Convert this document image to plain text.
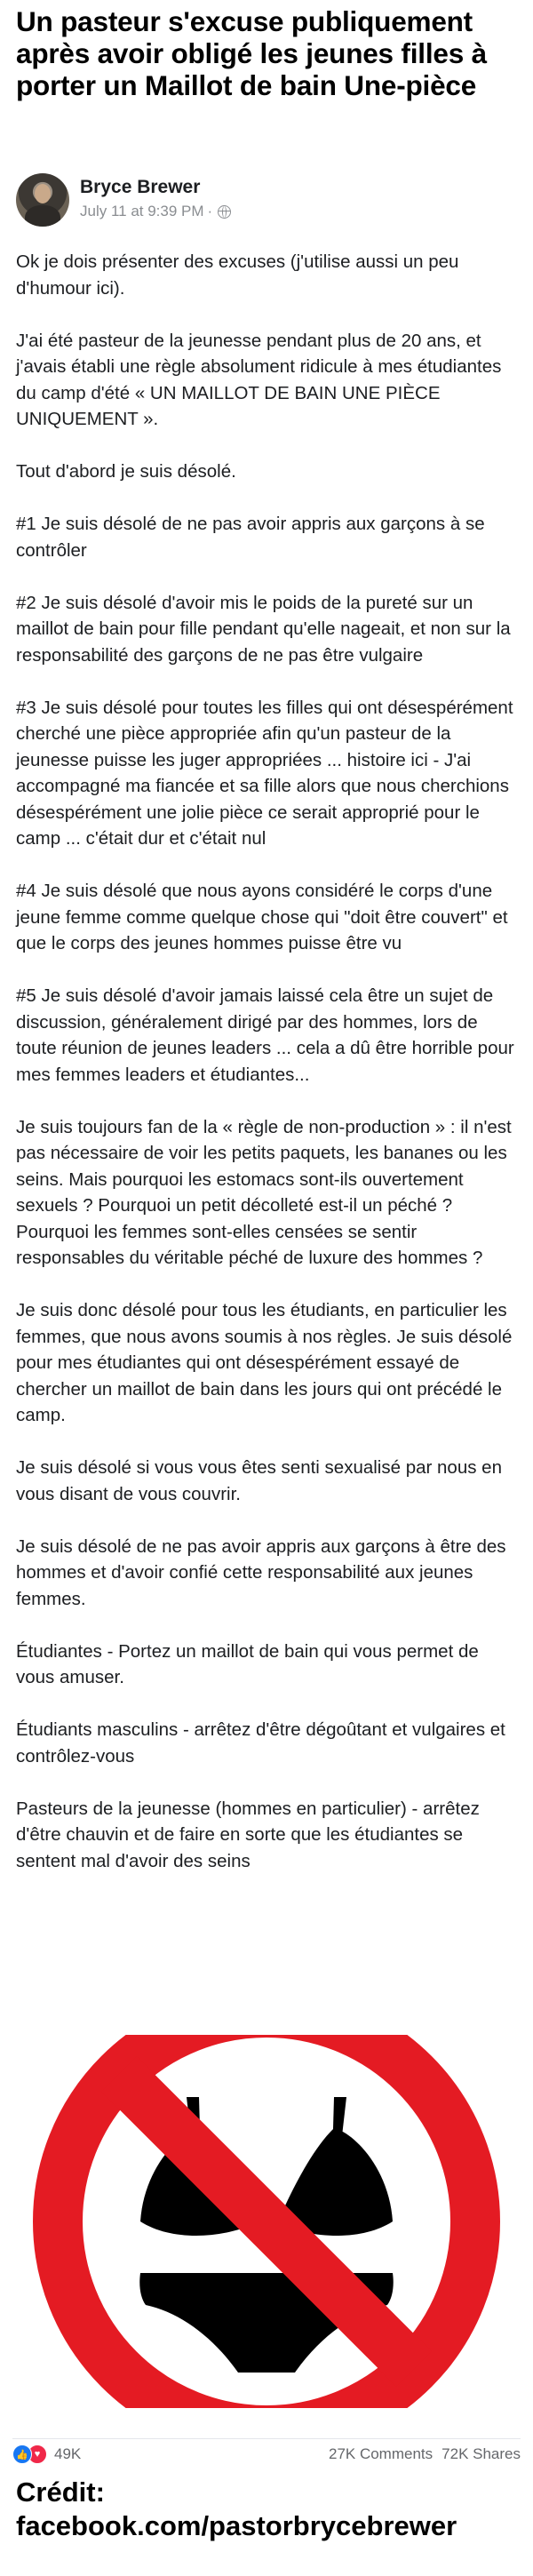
Un pasteur s'excuse publiquement après avoir obligé les jeunes filles à porter un Maillot de bain Une-pièce
Bryce Brewer
July 11 at 9:39 PM ·

Ok je dois présenter des excuses (j'utilise aussi un peu d'humour ici).

J'ai été pasteur de la jeunesse pendant plus de 20 ans, et j'avais établi une règle absolument ridicule à mes étudiantes du camp d'été « UN MAILLOT DE BAIN UNE PIÈCE UNIQUEMENT ».

Tout d'abord je suis désolé.

#1 Je suis désolé de ne pas avoir appris aux garçons à se contrôler

#2 Je suis désolé d'avoir mis le poids de la pureté sur un maillot de bain pour fille pendant qu'elle nageait, et non sur la responsabilité des garçons de ne pas être vulgaire

#3 Je suis désolé pour toutes les filles qui ont désespérément cherché une pièce appropriée afin qu'un pasteur de la jeunesse puisse les juger appropriées ... histoire ici - J'ai accompagné ma fiancée et sa fille alors que nous cherchions désespérément une jolie pièce ce serait approprié pour le camp ... c'était dur et c'était nul

#4 Je suis désolé que nous ayons considéré le corps d'une jeune femme comme quelque chose qui "doit être couvert" et que le corps des jeunes hommes puisse être vu

#5 Je suis désolé d'avoir jamais laissé cela être un sujet de discussion, généralement dirigé par des hommes, lors de toute réunion de jeunes leaders ... cela a dû être horrible pour mes femmes leaders et étudiantes...

Je suis toujours fan de la « règle de non-production » : il n'est pas nécessaire de voir les petits paquets, les bananes ou les seins. Mais pourquoi les estomacs sont-ils ouvertement sexuels ? Pourquoi un petit décolleté est-il un péché ? Pourquoi les femmes sont-elles censées se sentir responsables du véritable péché de luxure des hommes ?

Je suis donc désolé pour tous les étudiants, en particulier les femmes, que nous avons soumis à nos règles. Je suis désolé pour mes étudiantes qui ont désespérément essayé de chercher un maillot de bain dans les jours qui ont précédé le camp.

Je suis désolé si vous vous êtes senti sexualisé par nous en vous disant de vous couvrir.

Je suis désolé de ne pas avoir appris aux garçons à être des hommes et d'avoir confié cette responsabilité aux jeunes femmes.

Étudiantes - Portez un maillot de bain qui vous permet de vous amuser.

Étudiants masculins - arrêtez d'être dégoûtant et vulgaires et contrôlez-vous

Pasteurs de la jeunesse (hommes en particulier) - arrêtez d'être chauvin et de faire en sorte que les étudiantes se sentent mal d'avoir des seins

👍 ♥ 49K	27K Comments 72K Shares
Crédit:
facebook.com/pastorbrycebrewer
